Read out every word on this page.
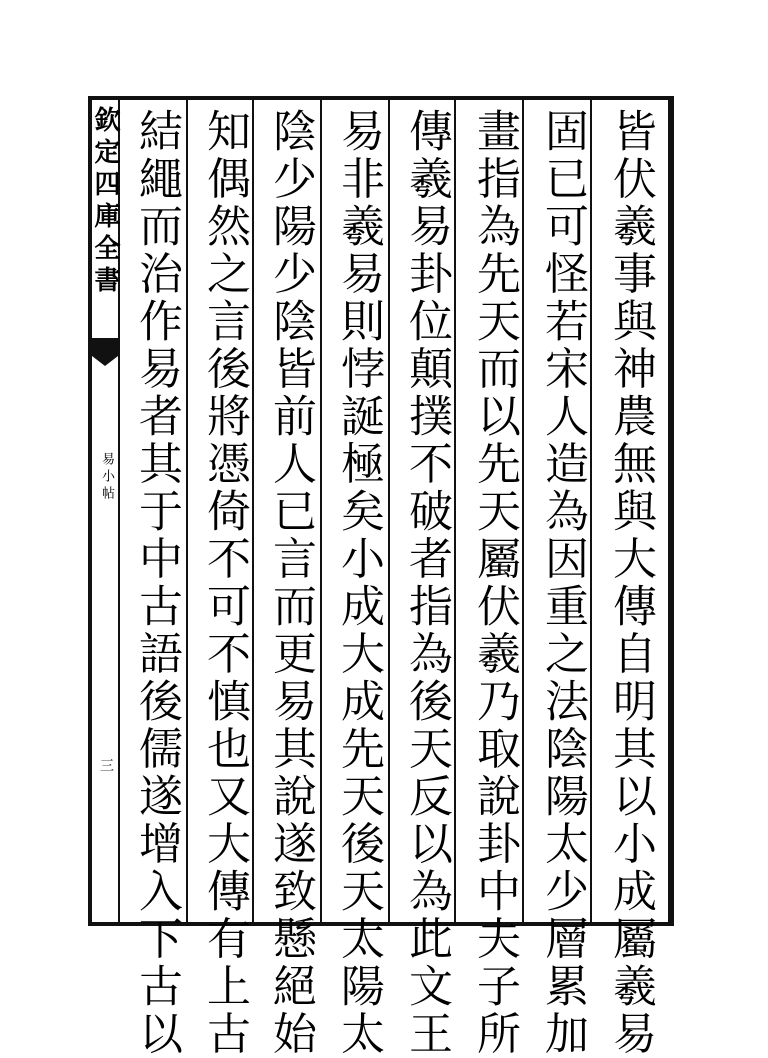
欽定四庫全書
易小帖
三	皆伏羲事與神農無與大傳自明其以小成屬羲易
固已可怪若宋人造為因重之法陰陽太少層累加
畫指為先天而以先天屬伏羲乃取說卦中夫子所
傳羲易卦位顛撲不破者指為後天反以為此文王
易非羲易則悖誕極矣小成大成先天後天太陽太
陰少陽少陰皆前人已言而更易其說遂致懸絕始
知偶然之言後將憑倚不可不慎也又大傳有上古
結繩而治作易者其于中古語後儒遂增入下古以
